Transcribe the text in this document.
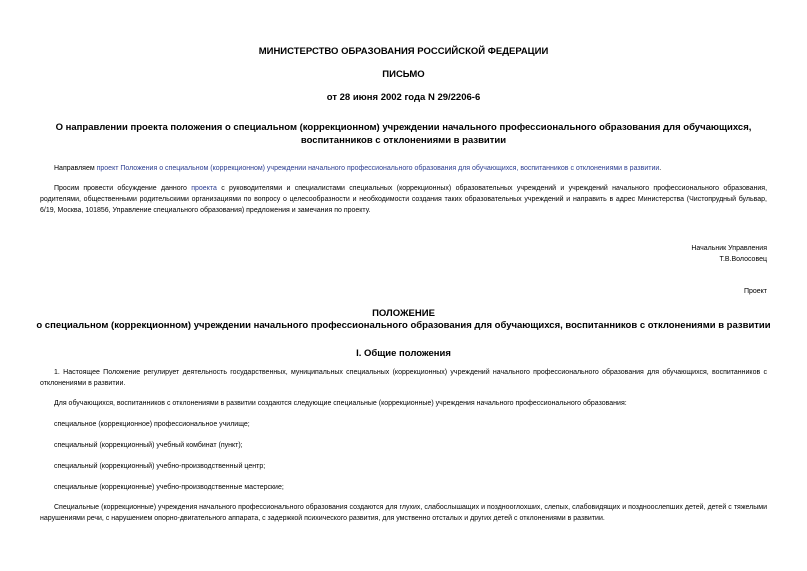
МИНИСТЕРСТВО ОБРАЗОВАНИЯ РОССИЙСКОЙ ФЕДЕРАЦИИ
ПИСЬМО
от 28 июня 2002 года N 29/2206-6
О направлении проекта положения о специальном (коррекционном) учреждении начального профессионального образования для обучающихся, воспитанников с отклонениями в развитии
Направляем проект Положения о специальном (коррекционном) учреждении начального профессионального образования для обучающихся, воспитанников с отклонениями в развитии.
Просим провести обсуждение данного проекта с руководителями и специалистами специальных (коррекционных) образовательных учреждений и учреждений начального профессионального образования, родителями, общественными родительскими организациями по вопросу о целесообразности и необходимости создания таких образовательных учреждений и направить в адрес Министерства (Чистопрудный бульвар, 6/19, Москва, 101856, Управление специального образования) предложения и замечания по проекту.
Начальник Управления
Т.В.Волосовец
Проект
ПОЛОЖЕНИЕ
о специальном (коррекционном) учреждении начального профессионального образования для обучающихся, воспитанников с отклонениями в развитии
I. Общие положения
1. Настоящее Положение регулирует деятельность государственных, муниципальных специальных (коррекционных) учреждений начального профессионального образования для обучающихся, воспитанников с отклонениями в развитии.
Для обучающихся, воспитанников с отклонениями в развитии создаются следующие специальные (коррекционные) учреждения начального профессионального образования:
специальное (коррекционное) профессиональное училище;
специальный (коррекционный) учебный комбинат (пункт);
специальный (коррекционный) учебно-производственный центр;
специальные (коррекционные) учебно-производственные мастерские;
Специальные (коррекционные) учреждения начального профессионального образования создаются для глухих, слабослышащих и позднооглохших, слепых, слабовидящих и поздноослепших детей, детей с тяжелыми нарушениями речи, с нарушением опорно-двигательного аппарата, с задержкой психического развития, для умственно отсталых и других детей с отклонениями в развитии.
